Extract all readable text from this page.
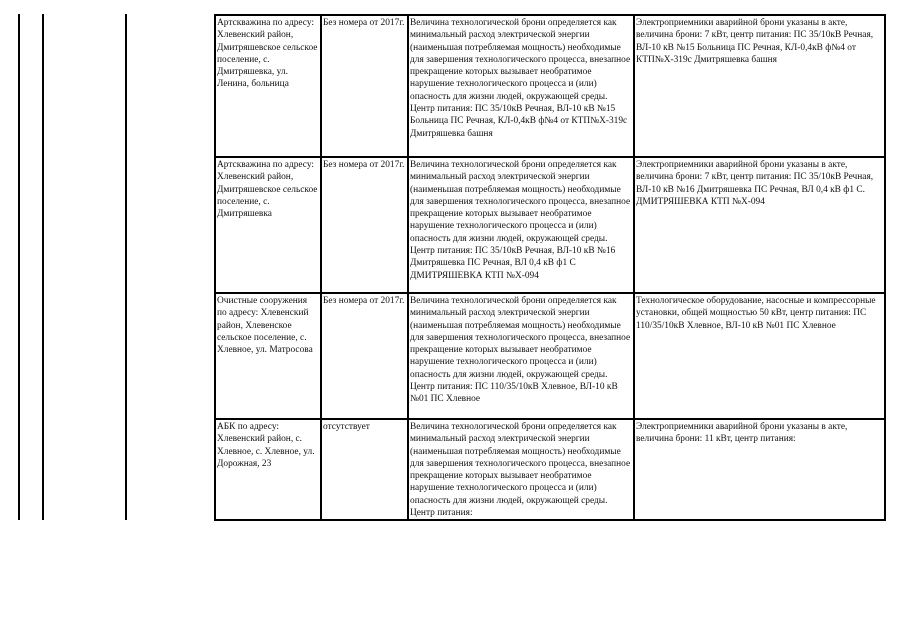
Артскважина по адресу: Хлевенский район, Дмитряшевское сельское поселение, с. Дмитряшевка, ул. Ленина, больница	Без номера от 2017г.	Величина технологической брони определяется как минимальный расход электрической энергии (наименьшая потребляемая мощность) необходимые для завершения технологического процесса, внезапное прекращение которых вызывает необратимое нарушение технологического процесса и (или) опасность для жизни людей, окружающей среды. Центр питания: ПС 35/10кВ Речная, ВЛ-10 кВ №15 Больница ПС Речная, КЛ-0,4кВ ф№4 от КТП№Х-319с Дмитряшевка башня	Электроприемники аварийной брони указаны в акте, величина брони: 7 кВт, центр питания: ПС 35/10кВ Речная, ВЛ-10 кВ №15 Больница ПС Речная, КЛ-0,4кВ ф№4 от КТП№Х-319с Дмитряшевка башня
Артскважина по адресу: Хлевенский район, Дмитряшевское сельское поселение, с. Дмитряшевка	Без номера от 2017г.	Величина технологической брони определяется как минимальный расход электрической энергии (наименьшая потребляемая мощность) необходимые для завершения технологического процесса, внезапное прекращение которых вызывает необратимое нарушение технологического процесса и (или) опасность для жизни людей, окружающей среды. Центр питания: ПС 35/10кВ Речная, ВЛ-10 кВ №16 Дмитряшевка ПС Речная, ВЛ 0,4 кВ ф1 С ДМИТРЯШЕВКА КТП №Х-094	Электроприемники аварийной брони указаны в акте, величина брони: 7 кВт, центр питания: ПС 35/10кВ Речная, ВЛ-10 кВ №16 Дмитряшевка ПС Речная, ВЛ 0,4 кВ ф1 С. ДМИТРЯШЕВКА КТП №Х-094
Очистные сооружения по адресу: Хлевенский район, Хлевенское сельское поселение, с. Хлевное, ул. Матросова	Без номера от 2017г.	Величина технологической брони определяется как минимальный расход электрической энергии (наименьшая потребляемая мощность) необходимые для завершения технологического процесса, внезапное прекращение которых вызывает необратимое нарушение технологического процесса и (или) опасность для жизни людей, окружающей среды. Центр питания: ПС 110/35/10кВ Хлевное, ВЛ-10 кВ №01 ПС Хлевное	Технологическое оборудование, насосные и компрессорные установки, общей мощностью 50 кВт, центр питания: ПС 110/35/10кВ Хлевное, ВЛ-10 кВ №01 ПС Хлевное
АБК по адресу: Хлевенский район, с. Хлевное, с. Хлевное, ул. Дорожная, 23	отсутствует	Величина технологической брони определяется как минимальный расход электрической энергии (наименьшая потребляемая мощность) необходимые для завершения технологического процесса, внезапное прекращение которых вызывает необратимое нарушение технологического процесса и (или) опасность для жизни людей, окружающей среды. Центр питания:	Электроприемники аварийной брони указаны в акте, величина брони: 11 кВт, центр питания:
